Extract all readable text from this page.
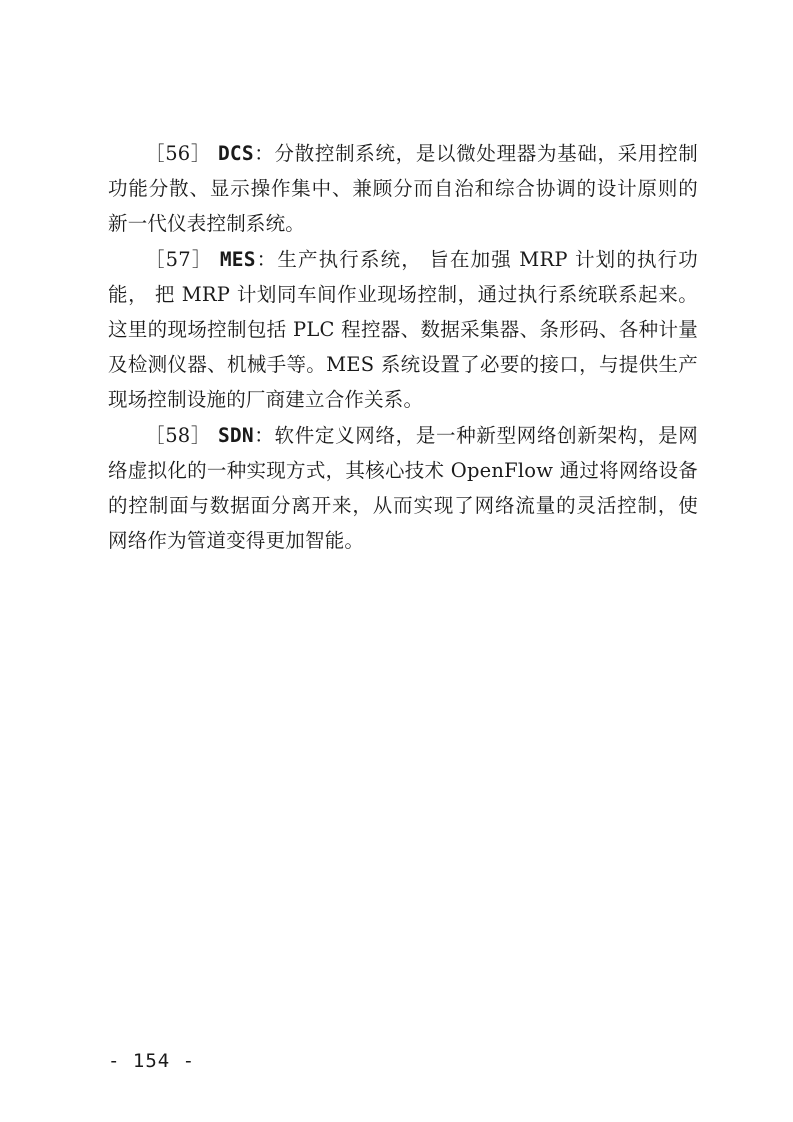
［56］ DCS：分散控制系统，是以微处理器为基础，采用控制功能分散、显示操作集中、兼顾分而自治和综合协调的设计原则的新一代仪表控制系统。

［57］ MES：生产执行系统， 旨在加强 MRP 计划的执行功能， 把 MRP 计划同车间作业现场控制，通过执行系统联系起来。这里的现场控制包括 PLC 程控器、数据采集器、条形码、各种计量及检测仪器、机械手等。MES 系统设置了必要的接口，与提供生产现场控制设施的厂商建立合作关系。

［58］ SDN：软件定义网络，是一种新型网络创新架构，是网络虚拟化的一种实现方式，其核心技术 OpenFlow 通过将网络设备的控制面与数据面分离开来，从而实现了网络流量的灵活控制，使网络作为管道变得更加智能。

- 154 -
